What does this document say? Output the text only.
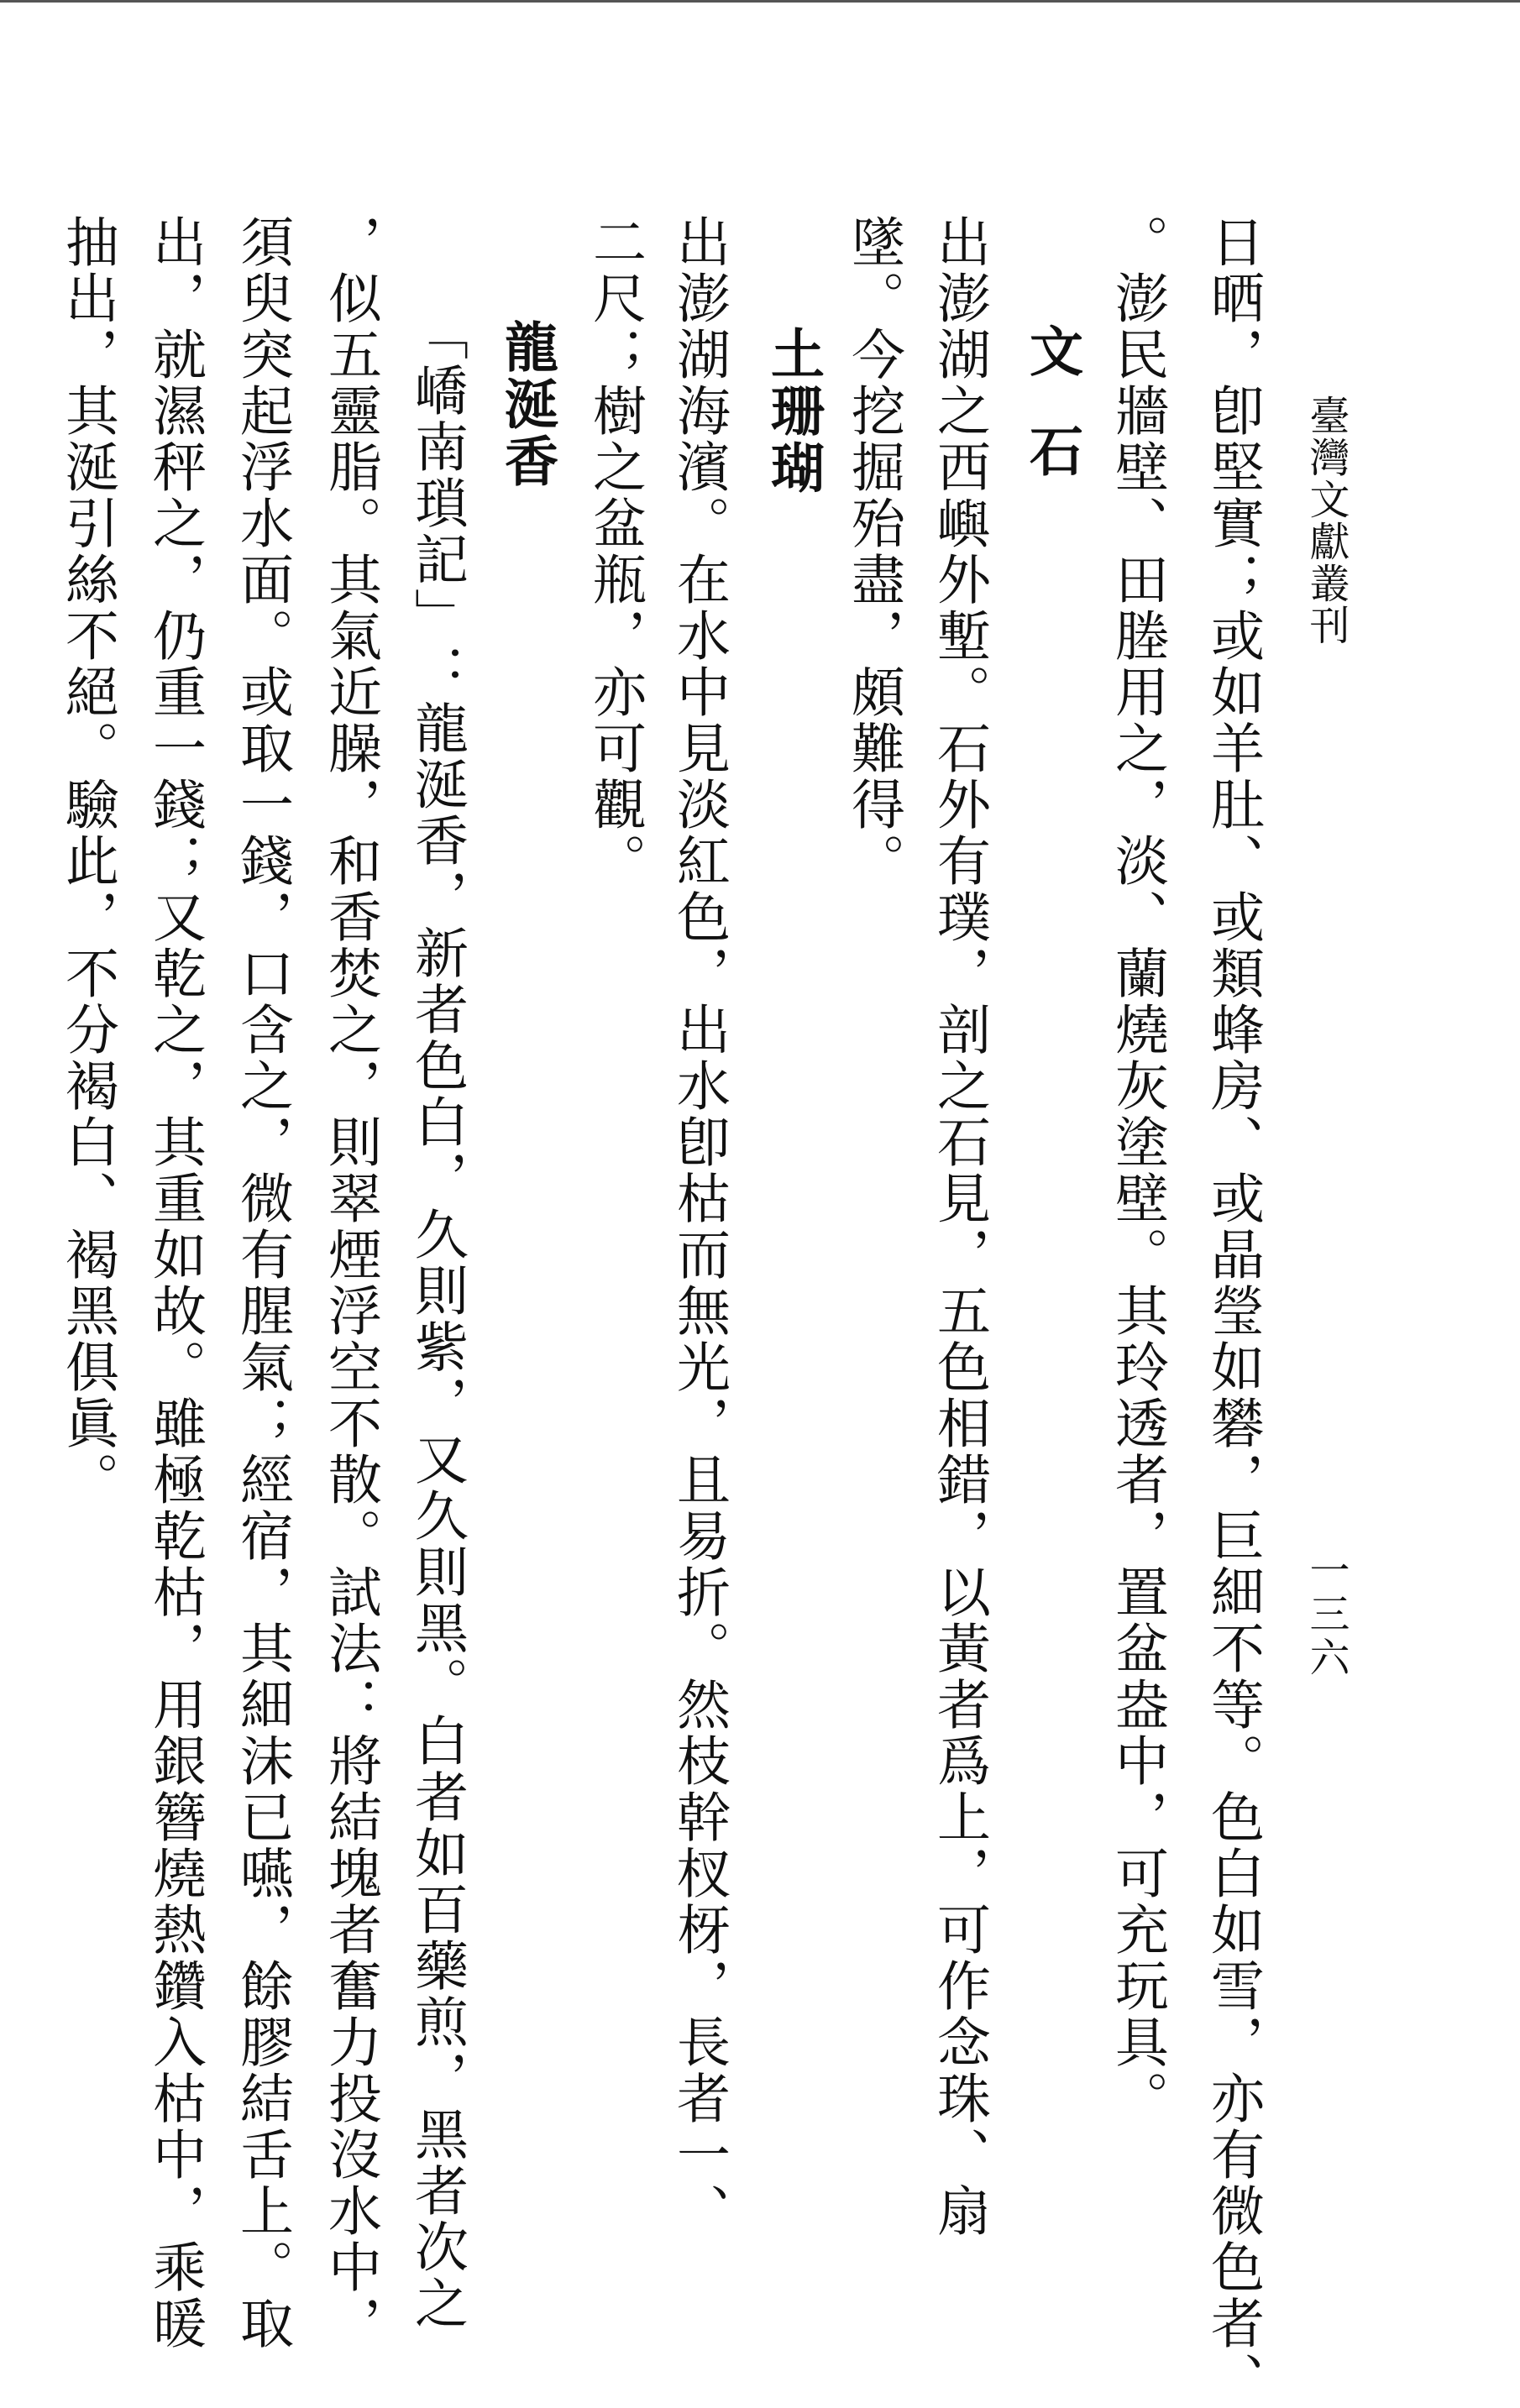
臺灣文獻叢刊
一三六
日晒，卽堅實；或如羊肚、或類蜂房、或晶瑩如礬，巨細不等。色白如雪，亦有微色者、
。澎民牆壁、田塍用之，淡、蘭燒灰塗壁。其玲透者，置盆盎中，可充玩具。
文石
出澎湖之西嶼外塹。石外有璞，剖之石見，五色相錯，以黃者爲上，可作念珠、扇
墜。今挖掘殆盡，頗難得。
土珊瑚
出澎湖海濱。在水中見淡紅色，出水卽枯而無光，且易折。然枝幹杈枒，長者一、
二尺；樹之盆瓶，亦可觀。
龍涎香
「嶠南瑣記」：龍涎香，新者色白，久則紫，又久則黑。白者如百藥煎，黑者次之
，似五靈脂。其氣近臊，和香焚之，則翠煙浮空不散。試法：將結塊者奮力投沒水中，
須臾突起浮水面。或取一錢，口含之，微有腥氣；經宿，其細沫已嚥，餘膠結舌上。取
出，就濕秤之，仍重一錢；又乾之，其重如故。雖極乾枯，用銀簪燒熱鑽入枯中，乘暖
抽出，其涎引絲不絕。驗此，不分褐白、褐黑俱眞。
